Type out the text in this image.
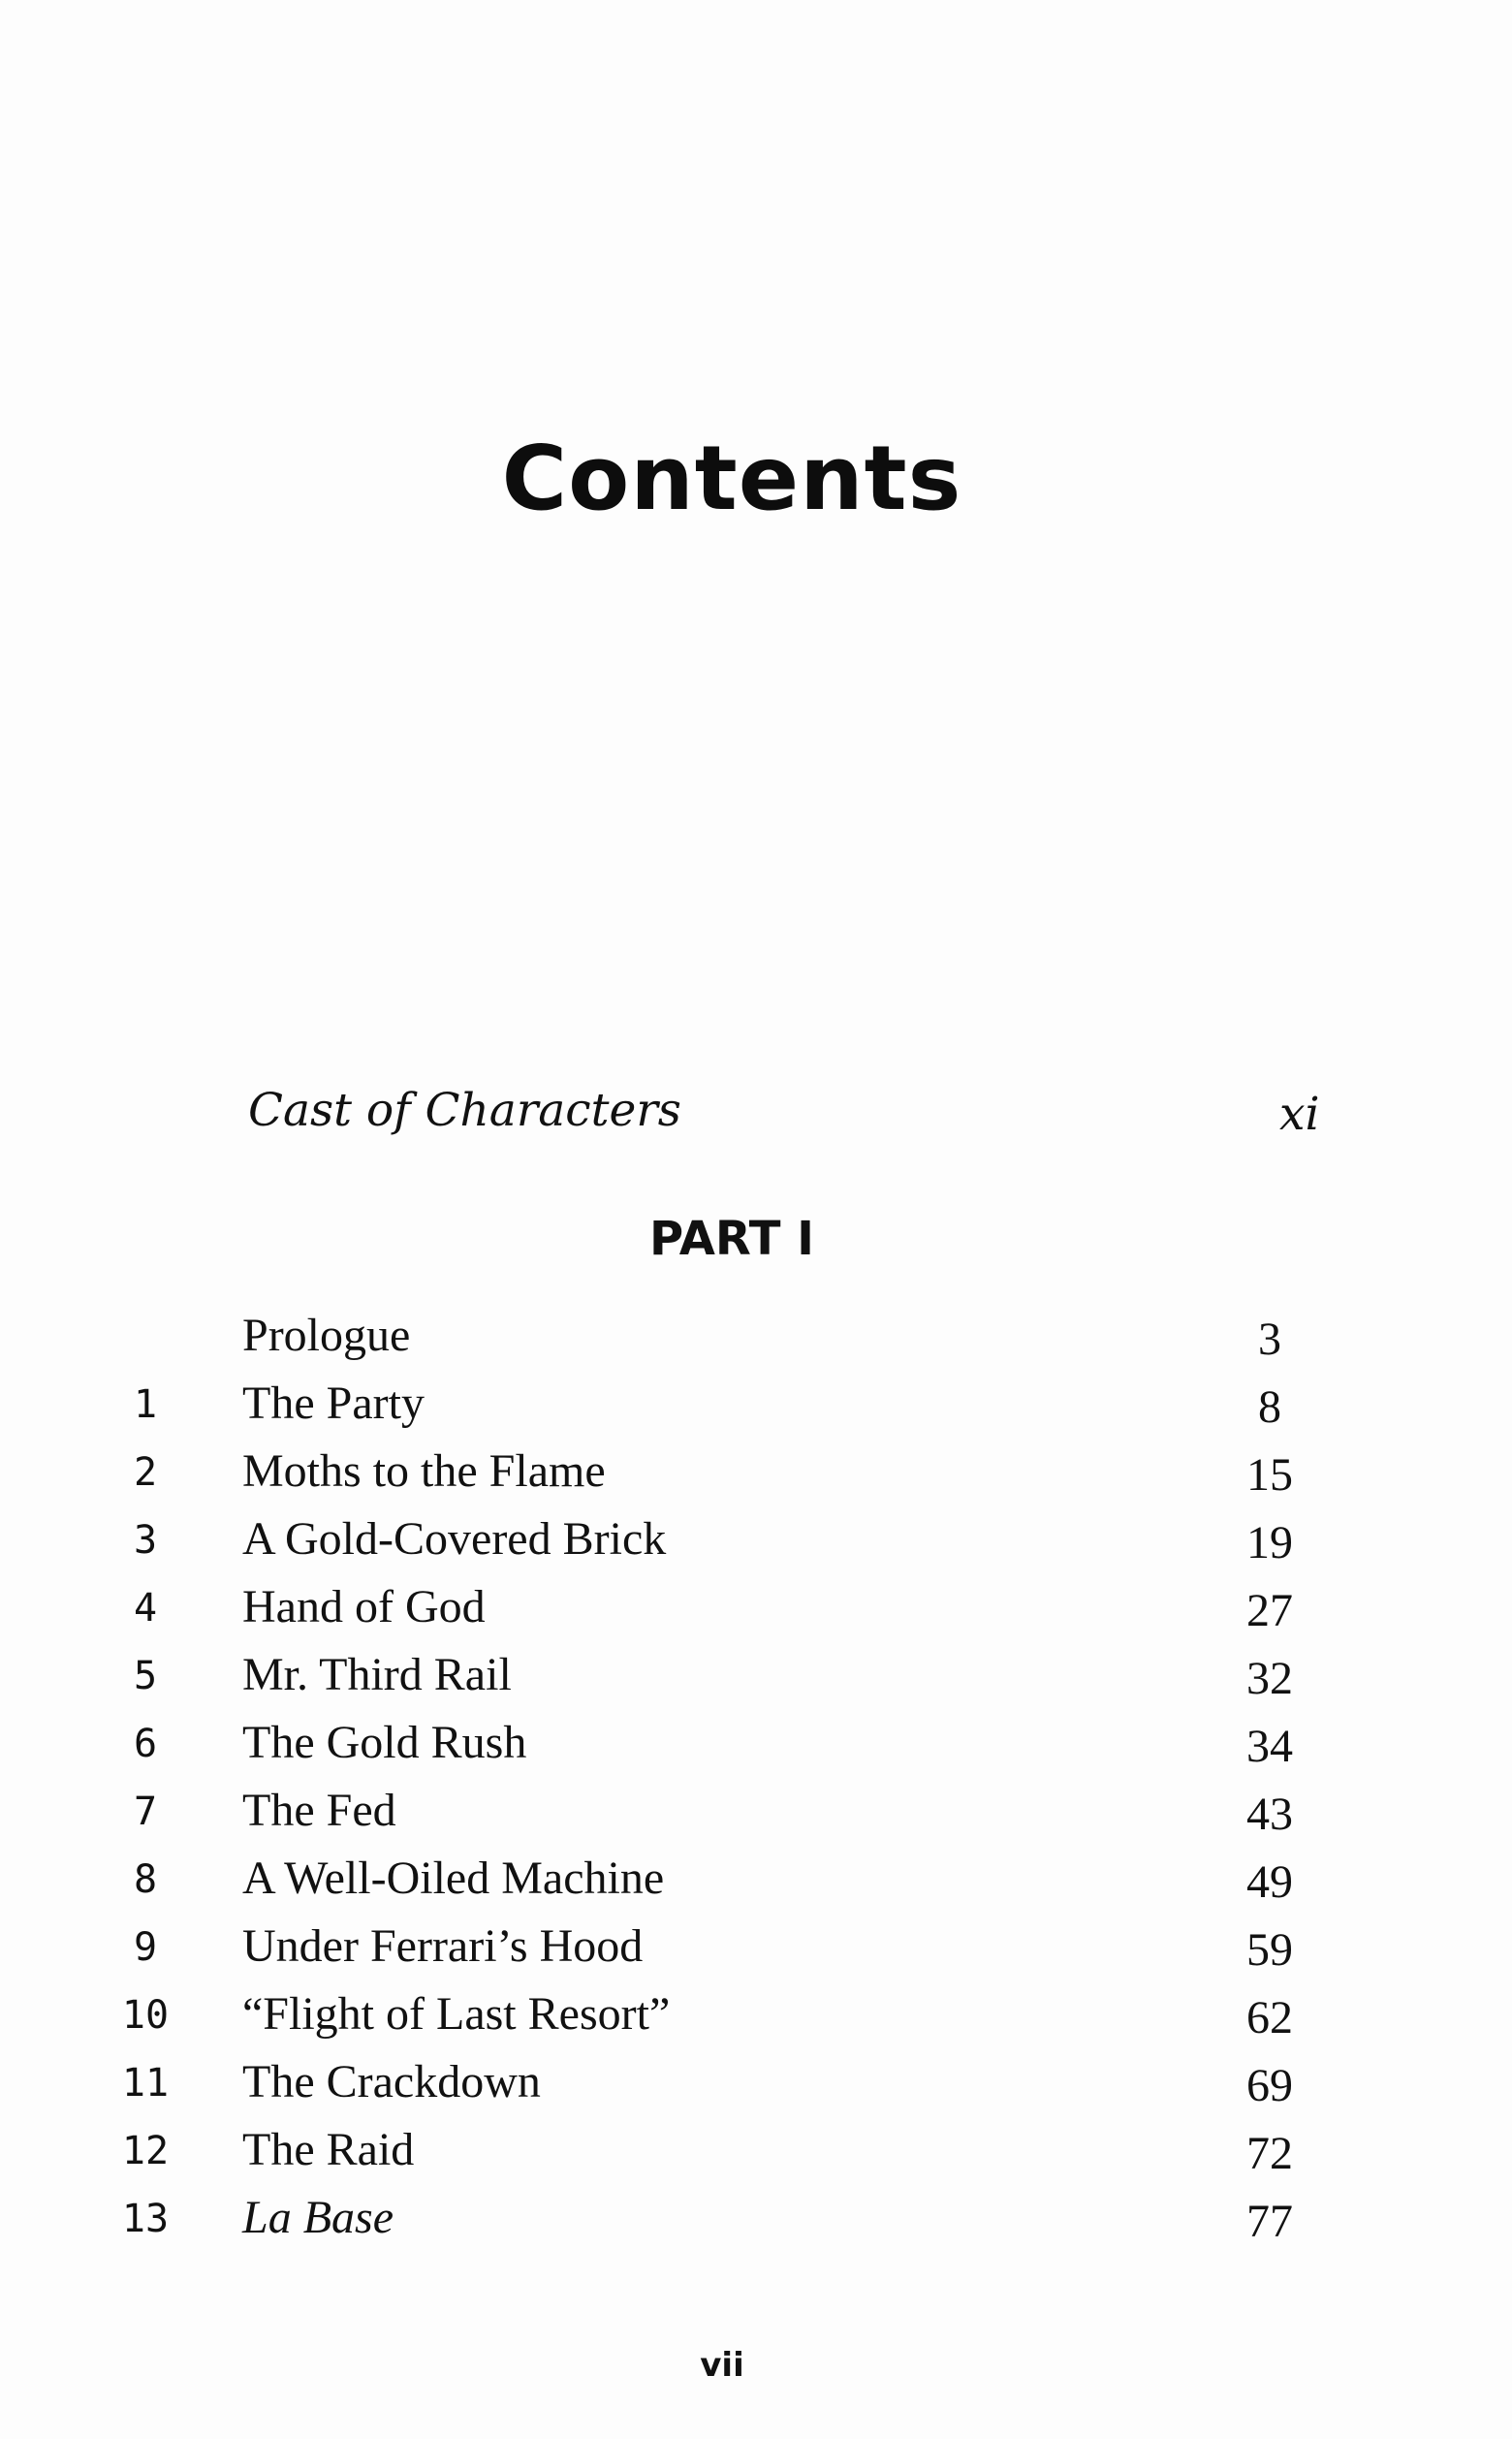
Contents
Cast of Characters	xi
PART I
Prologue	3
1	The Party	8
2	Moths to the Flame	15
3	A Gold-Covered Brick	19
4	Hand of God	27
5	Mr. Third Rail	32
6	The Gold Rush	34
7	The Fed	43
8	A Well-Oiled Machine	49
9	Under Ferrari’s Hood	59
10	“Flight of Last Resort”	62
11	The Crackdown	69
12	The Raid	72
13	La Base	77
vii
